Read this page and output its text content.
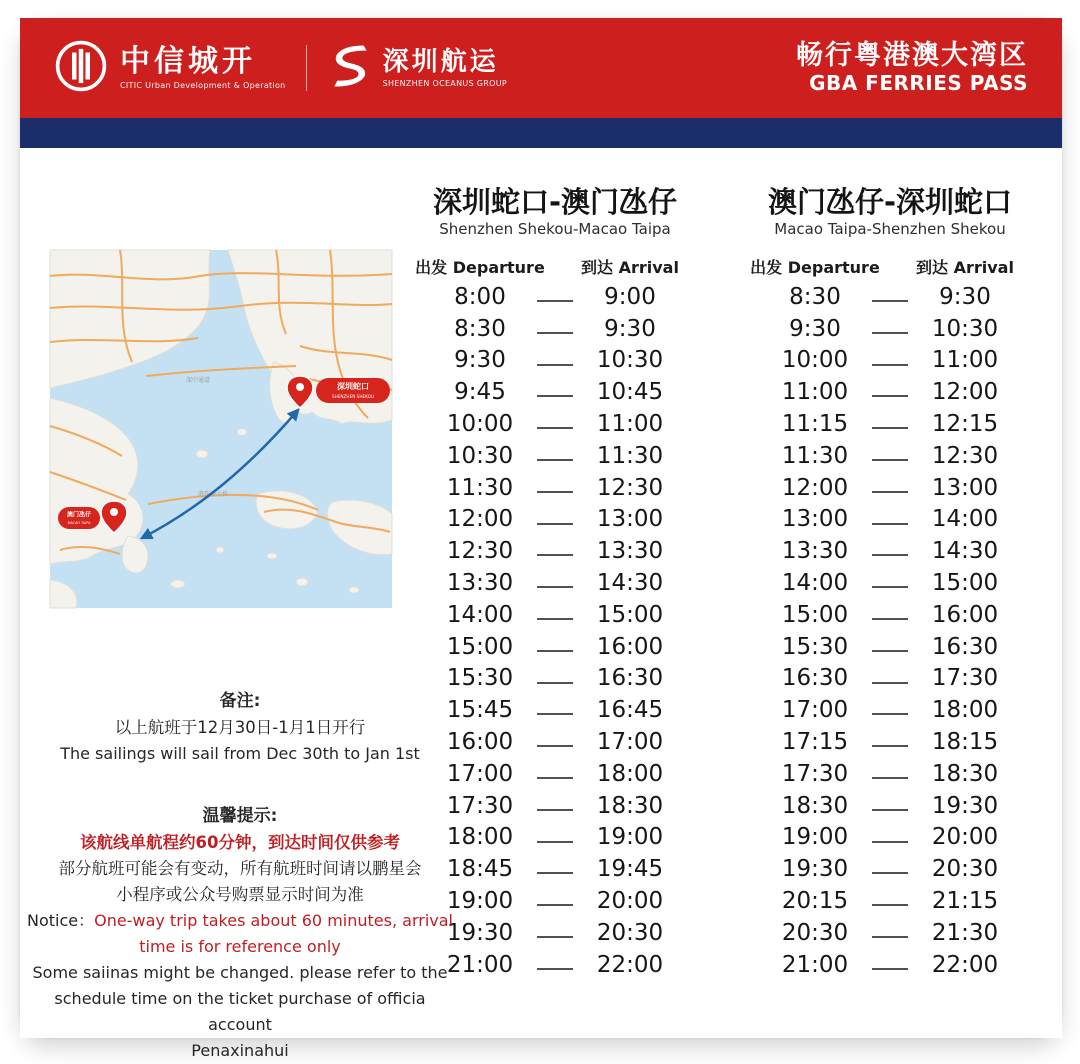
中信城开
CITIC Urban Development & Operation
深圳航运
SHENZHEN OCEANUS GROUP
畅行粤港澳大湾区
GBA FERRIES PASS
深中通道
港珠澳大桥
深圳蛇口
SHENZHEN SHEKOU
澳门氹仔
MACAO TAIPA
深圳蛇口-澳门氹仔
Shenzhen Shekou-Macao Taipa
出发 Departure	到达 Arrival
8:00	9:00
8:30	9:30
9:30	10:30
9:45	10:45
10:00	11:00
10:30	11:30
11:30	12:30
12:00	13:00
12:30	13:30
13:30	14:30
14:00	15:00
15:00	16:00
15:30	16:30
15:45	16:45
16:00	17:00
17:00	18:00
17:30	18:30
18:00	19:00
18:45	19:45
19:00	20:00
19:30	20:30
21:00	22:00
澳门氹仔-深圳蛇口
Macao Taipa-Shenzhen Shekou
出发 Departure	到达 Arrival
8:30	9:30
9:30	10:30
10:00	11:00
11:00	12:00
11:15	12:15
11:30	12:30
12:00	13:00
13:00	14:00
13:30	14:30
14:00	15:00
15:00	16:00
15:30	16:30
16:30	17:30
17:00	18:00
17:15	18:15
17:30	18:30
18:30	19:30
19:00	20:00
19:30	20:30
20:15	21:15
20:30	21:30
21:00	22:00
备注:
以上航班于12月30日-1月1日开行
The sailings will sail from Dec 30th to Jan 1st
温馨提示:
该航线单航程约60分钟，到达时间仅供参考
部分航班可能会有变动，所有航班时间请以鹏星会
小程序或公众号购票显示时间为准
Notice：One-way trip takes about 60 minutes, arrival
time is for reference only
Some saiinas might be changed. please refer to the
schedule time on the ticket purchase of officia account
Penaxinahui
